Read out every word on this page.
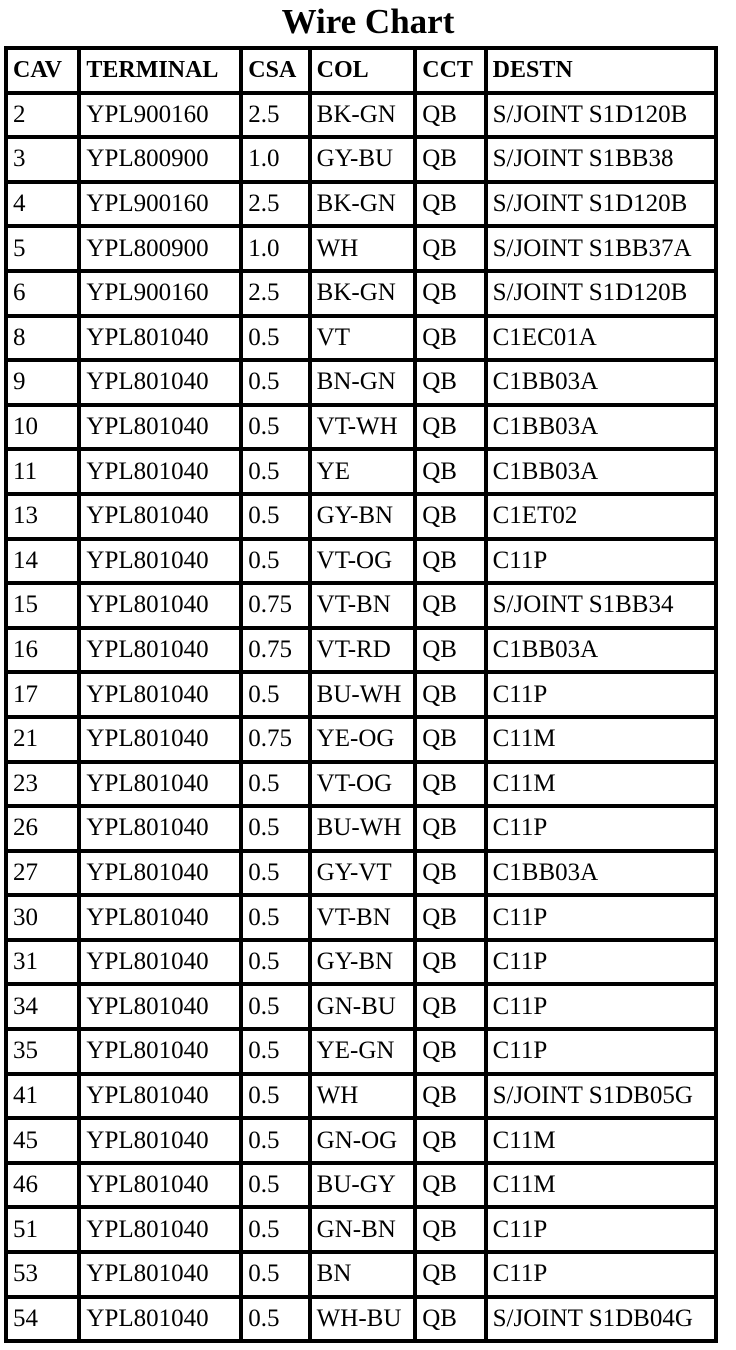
Wire Chart
CAV	TERMINAL	CSA	COL	CCT	DESTN
2	YPL900160	2.5	BK-GN	QB	S/JOINT S1D120B
3	YPL800900	1.0	GY-BU	QB	S/JOINT S1BB38
4	YPL900160	2.5	BK-GN	QB	S/JOINT S1D120B
5	YPL800900	1.0	WH	QB	S/JOINT S1BB37A
6	YPL900160	2.5	BK-GN	QB	S/JOINT S1D120B
8	YPL801040	0.5	VT	QB	C1EC01A
9	YPL801040	0.5	BN-GN	QB	C1BB03A
10	YPL801040	0.5	VT-WH	QB	C1BB03A
11	YPL801040	0.5	YE	QB	C1BB03A
13	YPL801040	0.5	GY-BN	QB	C1ET02
14	YPL801040	0.5	VT-OG	QB	C11P
15	YPL801040	0.75	VT-BN	QB	S/JOINT S1BB34
16	YPL801040	0.75	VT-RD	QB	C1BB03A
17	YPL801040	0.5	BU-WH	QB	C11P
21	YPL801040	0.75	YE-OG	QB	C11M
23	YPL801040	0.5	VT-OG	QB	C11M
26	YPL801040	0.5	BU-WH	QB	C11P
27	YPL801040	0.5	GY-VT	QB	C1BB03A
30	YPL801040	0.5	VT-BN	QB	C11P
31	YPL801040	0.5	GY-BN	QB	C11P
34	YPL801040	0.5	GN-BU	QB	C11P
35	YPL801040	0.5	YE-GN	QB	C11P
41	YPL801040	0.5	WH	QB	S/JOINT S1DB05G
45	YPL801040	0.5	GN-OG	QB	C11M
46	YPL801040	0.5	BU-GY	QB	C11M
51	YPL801040	0.5	GN-BN	QB	C11P
53	YPL801040	0.5	BN	QB	C11P
54	YPL801040	0.5	WH-BU	QB	S/JOINT S1DB04G
